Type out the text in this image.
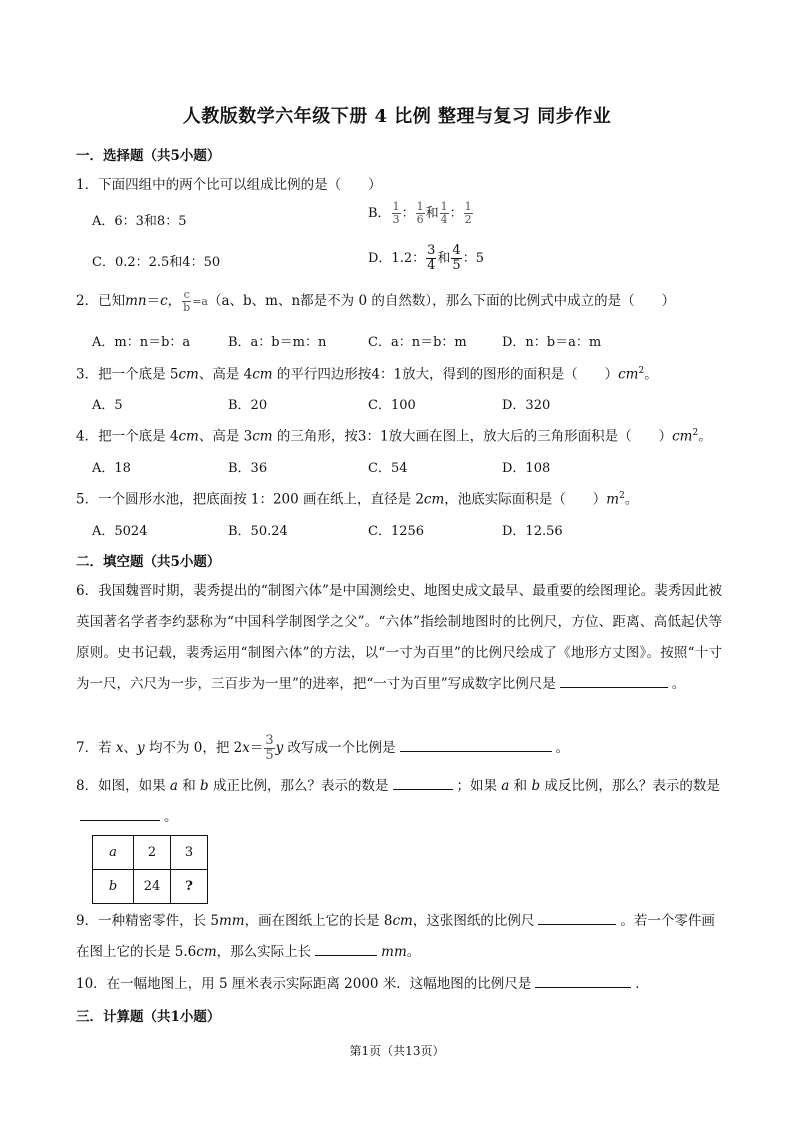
人教版数学六年级下册 4 比例 整理与复习 同步作业
一．选择题（共5小题）
1．下面四组中的两个比可以组成比例的是（　　）
A．6：3和8：5
B． $\frac{1}{3}$ ： $\frac{1}{6}$ 和 $\frac{1}{4}$ ： $\frac{1}{2}$
C．0.2：2.5和4：50	D．1.2： $\frac{3}{4}$ 和 $\frac{4}{5}$ ：5
2．已知mn＝c， $\frac{c}{b} =a(a$、b、m、n都是不为 0 的自然数），那么下面的比例式中成立的是（　　）
A．m：n＝b：a	B．a：b＝m：n	C．a：n＝b：m	D．n：b＝a：m
3．把一个底是 5cm、高是 4cm 的平行四边形按4：1放大，得到的图形的面积是（　　）$cm^2$。
A．5	B．20	C．100	D．320
4．把一个底是 4cm、高是 3cm 的三角形，按3：1放大画在图上，放大后的三角形面积是（　　）$cm^2$。
A．18	B．36	C．54	D．108
5．一个圆形水池，把底面按 1：200 画在纸上，直径是 2cm，池底实际面积是（　　）$m^2$。
A．5024	B．50.24	C．1256	D．12.56
二．填空题（共5小题）
6．我国魏晋时期，裴秀提出的“制图六体”是中国测绘史、地图史成文最早、最重要的绘图理论。裴秀因此被英国著名学者李约瑟称为“中国科学制图学之父”。“六体”指绘制地图时的比例尺，方位、距离、高低起伏等原则。史书记载，裴秀运用“制图六体”的方法，以“一寸为百里”的比例尺绘成了《地形方丈图》。按照“十寸为一尺，六尺为一步，三百步为一里”的进率，把“一寸为百里”写成数字比例尺是	。
7．若 x、y 均不为 0，把 $2x= \frac{3}{5}$ y 改写成一个比例是	。
8．如图，如果 a 和 b 成正比例，那么？表示的数是	；如果 a 和 b 成反比例，那么？表示的数是。
a	2	3
b	24	?
9．一种精密零件，长 5mm，画在图纸上它的长是 8cm，这张图纸的比例尺	。若一个零件画在图上它的长是 5.6cm，那么实际上长	mm。
10．在一幅地图上，用 5 厘米表示实际距离 2000 米．这幅地图的比例尺是	．
三．计算题（共1小题）
第1页（共13页）
